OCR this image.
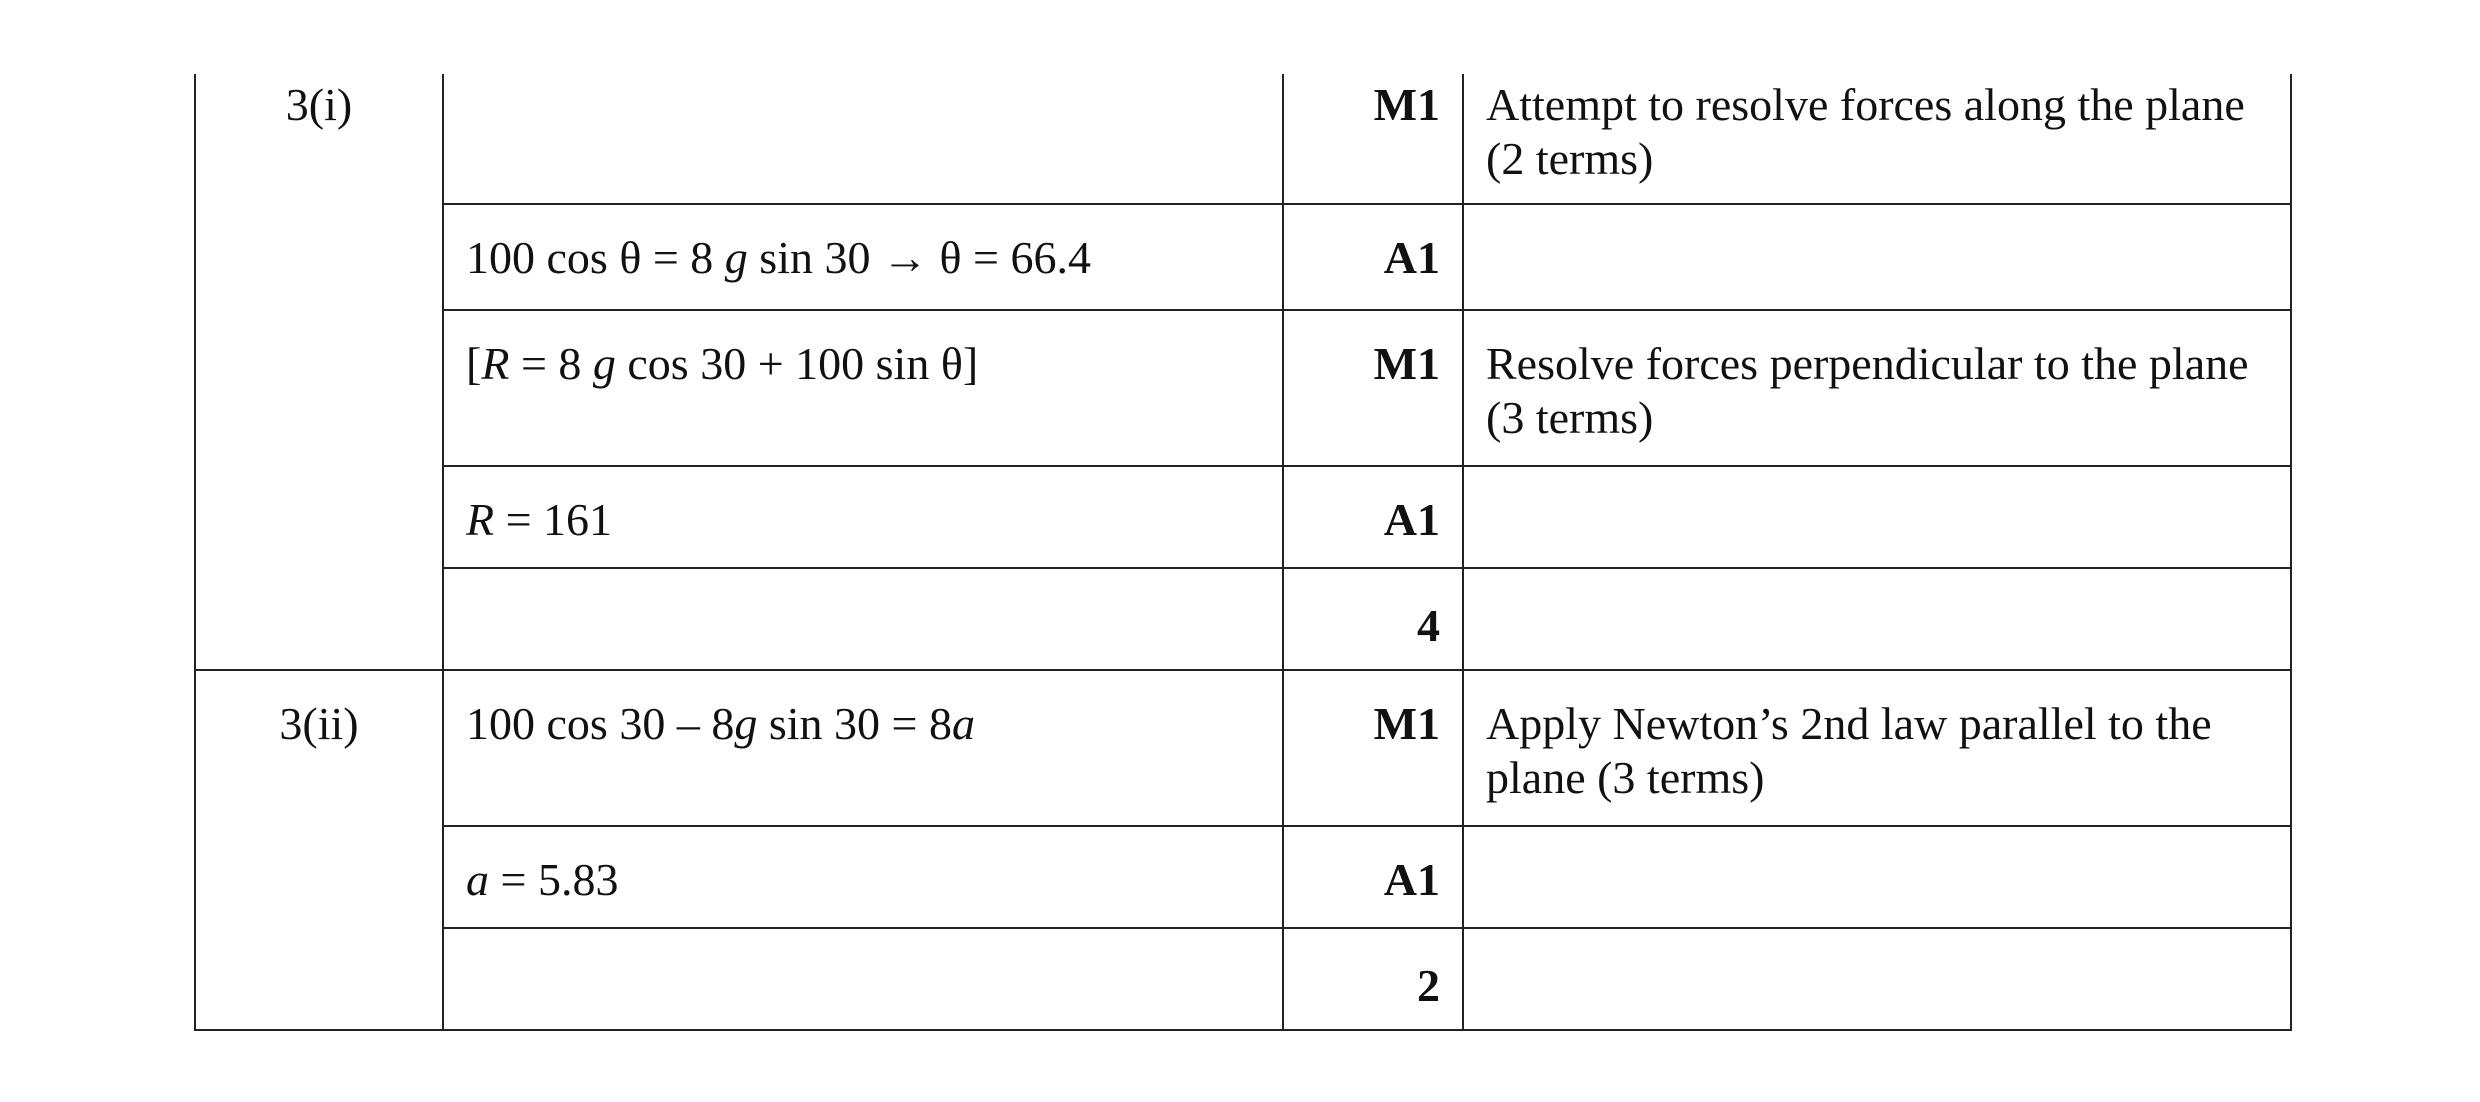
3(i)		M1	Attempt to resolve forces along the plane (2 terms)
	100 cos θ = 8 g sin 30 → θ = 66.4	A1	
	[R = 8 g cos 30 + 100 sin θ]	M1	Resolve forces perpendicular to the plane (3 terms)
	R = 161	A1	
		4	
3(ii)	100 cos 30 – 8g sin 30 = 8a	M1	Apply Newton’s 2nd law parallel to the plane (3 terms)
	a = 5.83	A1	
		2	
